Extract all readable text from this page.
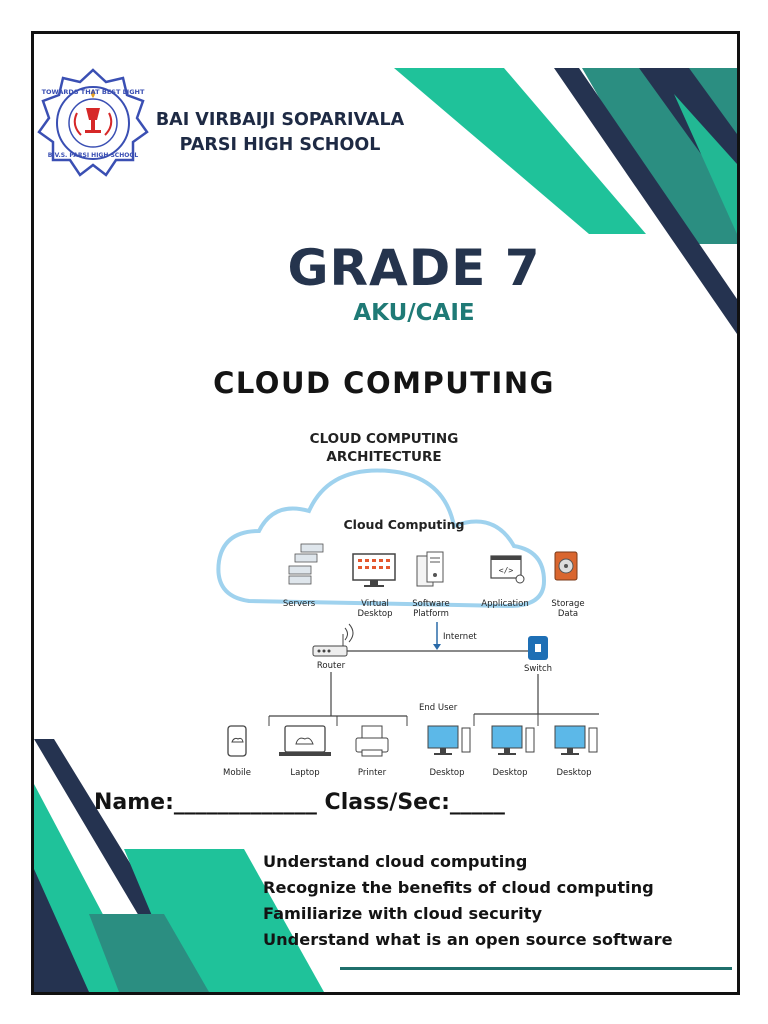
TOWARDS THAT BEST LIGHT
B.V.S. PARSI HIGH SCHOOL
BAI VIRBAIJI SOPARIVALA
PARSI HIGH SCHOOL
GRADE 7
AKU/CAIE
CLOUD COMPUTING
CLOUD COMPUTING
ARCHITECTURE
Cloud Computing
</>
Servers	Virtual
Desktop
Software
Platform
Application	Storage
Data
Internet
Router	Switch
End User
Mobile	Laptop	Printer	Desktop	Desktop	Desktop
Name:_____________ Class/Sec:_____
Understand cloud computing
Recognize the benefits of cloud computing
Familiarize with cloud security
Understand what is an open source software
